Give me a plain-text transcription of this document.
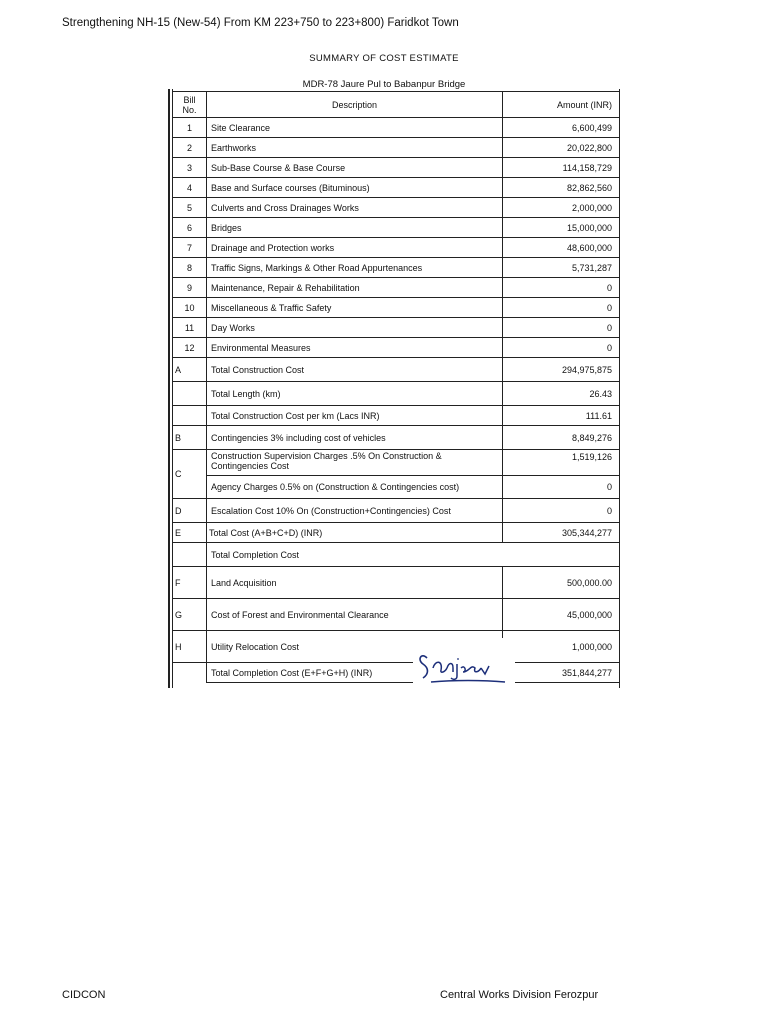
Strengthening NH-15 (New-54) From KM 223+750 to 223+800) Faridkot Town
SUMMARY OF COST ESTIMATE
MDR-78 Jaure Pul to Babanpur Bridge
Bill No.	Description	Amount (INR)
1	Site Clearance	6,600,499
2	Earthworks	20,022,800
3	Sub-Base Course & Base Course	114,158,729
4	Base and Surface courses (Bituminous)	82,862,560
5	Culverts and Cross Drainages Works	2,000,000
6	Bridges	15,000,000
7	Drainage and Protection works	48,600,000
8	Traffic Signs, Markings & Other Road Appurtenances	5,731,287
9	Maintenance, Repair & Rehabilitation	0
10	Miscellaneous & Traffic Safety	0
11	Day Works	0
12	Environmental Measures	0
A	Total Construction Cost	294,975,875
	Total Length (km)	26.43
	Total Construction Cost per km (Lacs INR)	111.61
B	Contingencies 3% including cost of vehicles	8,849,276
C	Construction Supervision Charges .5% On Construction & Contingencies Cost	1,519,126
	Agency Charges 0.5% on (Construction & Contingencies cost)	0
D	Escalation Cost 10% On (Construction+Contingencies) Cost	0
E	Total Cost (A+B+C+D) (INR)	305,344,277
	Total Completion Cost	
F	Land Acquisition	500,000.00
G	Cost of Forest and Environmental Clearance	45,000,000
H	Utility Relocation Cost	1,000,000
	Total Completion Cost (E+F+G+H) (INR)	351,844,277
CIDCON	Central Works Division Ferozpur
